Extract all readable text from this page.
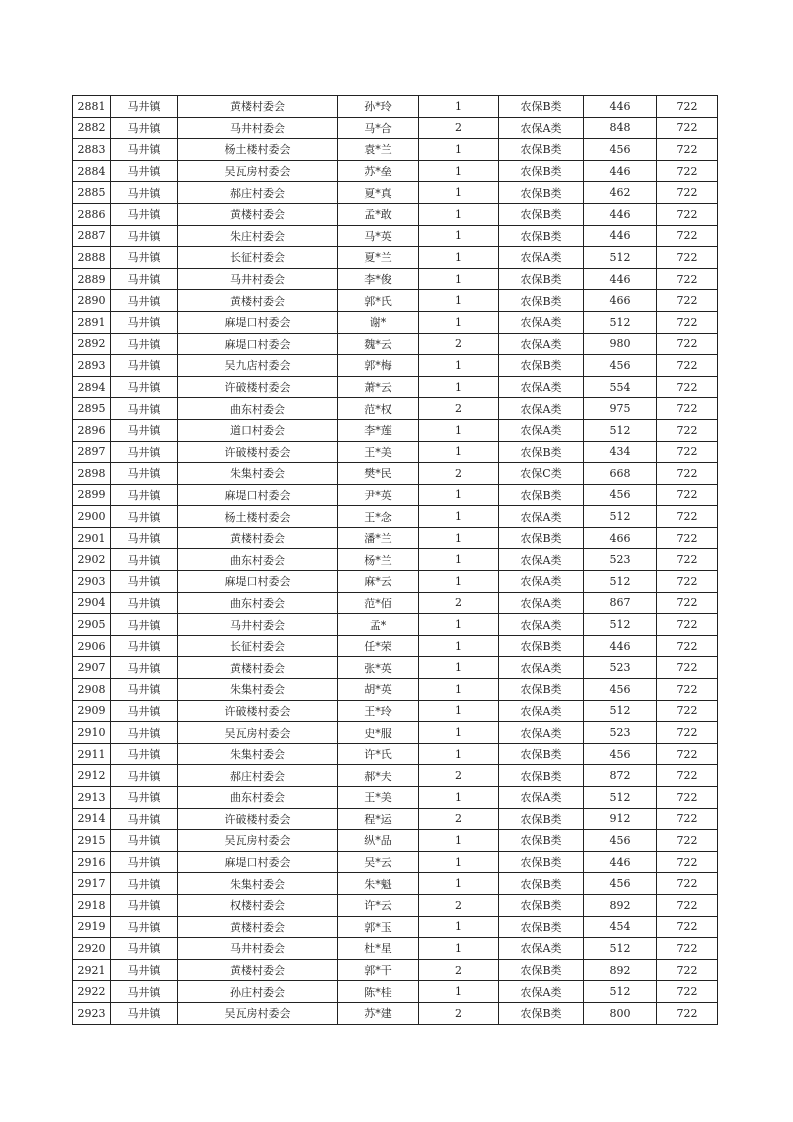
2881	马井镇	黄楼村委会	孙*玲	1	农保B类	446	722
2882	马井镇	马井村委会	马*合	2	农保A类	848	722
2883	马井镇	杨土楼村委会	袁*兰	1	农保B类	456	722
2884	马井镇	吴瓦房村委会	苏*垒	1	农保B类	446	722
2885	马井镇	郝庄村委会	夏*真	1	农保B类	462	722
2886	马井镇	黄楼村委会	孟*敢	1	农保B类	446	722
2887	马井镇	朱庄村委会	马*英	1	农保B类	446	722
2888	马井镇	长征村委会	夏*兰	1	农保A类	512	722
2889	马井镇	马井村委会	李*俊	1	农保B类	446	722
2890	马井镇	黄楼村委会	郭*氏	1	农保B类	466	722
2891	马井镇	麻堤口村委会	谢*	1	农保A类	512	722
2892	马井镇	麻堤口村委会	魏*云	2	农保A类	980	722
2893	马井镇	吴九店村委会	郭*梅	1	农保B类	456	722
2894	马井镇	许破楼村委会	萧*云	1	农保A类	554	722
2895	马井镇	曲东村委会	范*权	2	农保A类	975	722
2896	马井镇	道口村委会	李*莲	1	农保A类	512	722
2897	马井镇	许破楼村委会	王*美	1	农保B类	434	722
2898	马井镇	朱集村委会	樊*民	2	农保C类	668	722
2899	马井镇	麻堤口村委会	尹*英	1	农保B类	456	722
2900	马井镇	杨土楼村委会	王*念	1	农保A类	512	722
2901	马井镇	黄楼村委会	潘*兰	1	农保B类	466	722
2902	马井镇	曲东村委会	杨*兰	1	农保A类	523	722
2903	马井镇	麻堤口村委会	麻*云	1	农保A类	512	722
2904	马井镇	曲东村委会	范*佰	2	农保A类	867	722
2905	马井镇	马井村委会	孟*	1	农保A类	512	722
2906	马井镇	长征村委会	任*荣	1	农保B类	446	722
2907	马井镇	黄楼村委会	张*英	1	农保A类	523	722
2908	马井镇	朱集村委会	胡*英	1	农保B类	456	722
2909	马井镇	许破楼村委会	王*玲	1	农保A类	512	722
2910	马井镇	吴瓦房村委会	史*服	1	农保A类	523	722
2911	马井镇	朱集村委会	许*氏	1	农保B类	456	722
2912	马井镇	郝庄村委会	郝*夫	2	农保B类	872	722
2913	马井镇	曲东村委会	王*美	1	农保A类	512	722
2914	马井镇	许破楼村委会	程*运	2	农保B类	912	722
2915	马井镇	吴瓦房村委会	纵*品	1	农保B类	456	722
2916	马井镇	麻堤口村委会	吴*云	1	农保B类	446	722
2917	马井镇	朱集村委会	朱*魁	1	农保B类	456	722
2918	马井镇	权楼村委会	许*云	2	农保B类	892	722
2919	马井镇	黄楼村委会	郭*玉	1	农保B类	454	722
2920	马井镇	马井村委会	杜*星	1	农保A类	512	722
2921	马井镇	黄楼村委会	郭*干	2	农保B类	892	722
2922	马井镇	孙庄村委会	陈*桂	1	农保A类	512	722
2923	马井镇	吴瓦房村委会	苏*建	2	农保B类	800	722
